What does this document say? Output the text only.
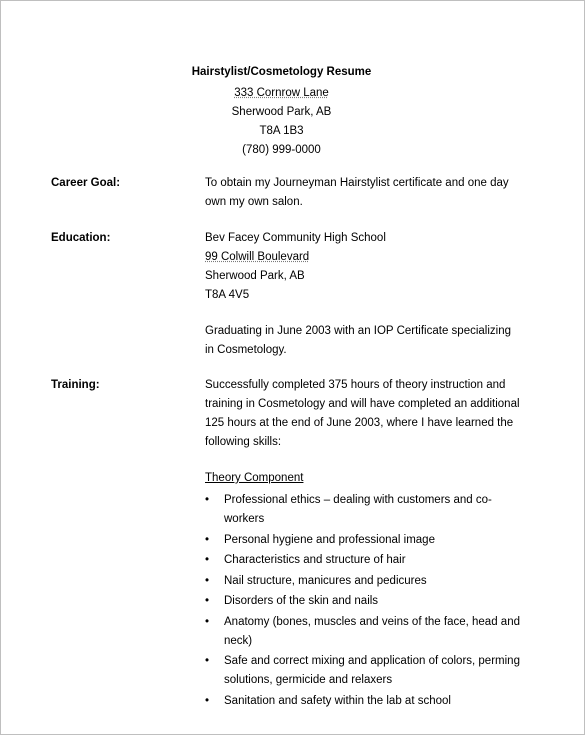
Hairstylist/Cosmetology Resume
333 Cornrow Lane
Sherwood Park, AB
T8A 1B3
(780) 999-0000
Career Goal:	To obtain my Journeyman Hairstylist certificate and one day own my own salon.

Education:	Bev Facey Community High School

99 Colwill Boulevard

Sherwood Park, AB

T8A 4V5

Graduating in June 2003 with an IOP Certificate specializing in Cosmetology.

Training:	Successfully completed 375 hours of theory instruction and training in Cosmetology and will have completed an additional 125 hours at the end of June 2003, where I have learned the following skills:

Theory Component
• Professional ethics – dealing with customers and co-workers
• Personal hygiene and professional image
• Characteristics and structure of hair
• Nail structure, manicures and pedicures
• Disorders of the skin and nails
• Anatomy (bones, muscles and veins of the face, head and neck)
• Safe and correct mixing and application of colors, perming solutions, germicide and relaxers
• Sanitation and safety within the lab at school
